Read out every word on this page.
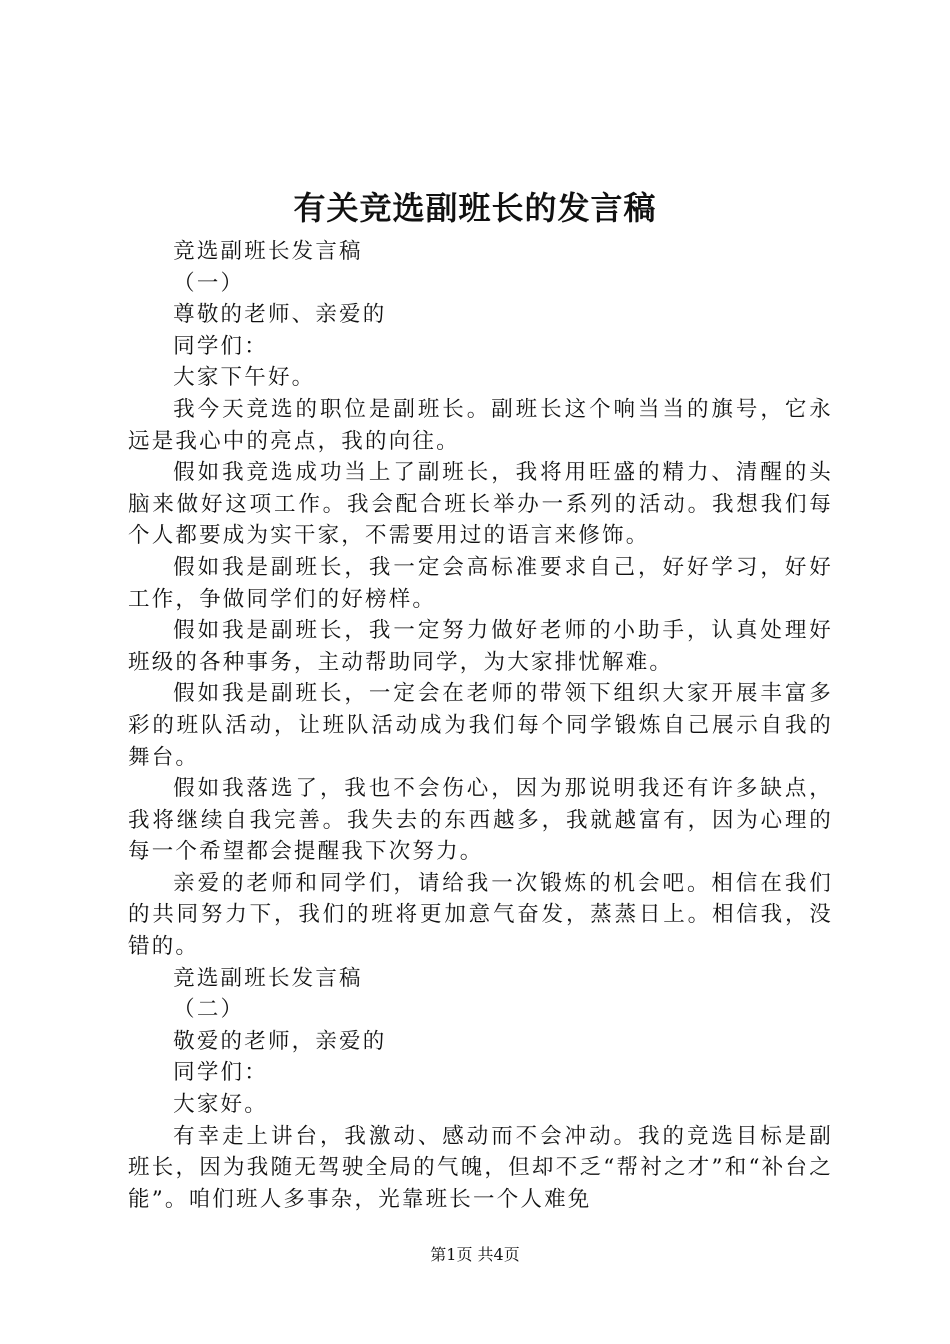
有关竞选副班长的发言稿

竞选副班长发言稿

（一）

尊敬的老师、亲爱的

同学们：

大家下午好。

我今天竞选的职位是副班长。副班长这个响当当的旗号，它永远是我心中的亮点，我的向往。

假如我竞选成功当上了副班长，我将用旺盛的精力、清醒的头脑来做好这项工作。我会配合班长举办一系列的活动。我想我们每个人都要成为实干家，不需要用过的语言来修饰。

假如我是副班长，我一定会高标准要求自己，好好学习，好好工作，争做同学们的好榜样。

假如我是副班长，我一定努力做好老师的小助手，认真处理好班级的各种事务，主动帮助同学，为大家排忧解难。

假如我是副班长，一定会在老师的带领下组织大家开展丰富多彩的班队活动，让班队活动成为我们每个同学锻炼自己展示自我的舞台。

假如我落选了，我也不会伤心，因为那说明我还有许多缺点，我将继续自我完善。我失去的东西越多，我就越富有，因为心理的每一个希望都会提醒我下次努力。

亲爱的老师和同学们，请给我一次锻炼的机会吧。相信在我们的共同努力下，我们的班将更加意气奋发，蒸蒸日上。相信我，没错的。

竞选副班长发言稿

（二）

敬爱的老师，亲爱的

同学们：

大家好。

有幸走上讲台，我激动、感动而不会冲动。我的竞选目标是副班长，因为我随无驾驶全局的气魄，但却不乏“帮衬之才”和“补台之能”。咱们班人多事杂，光靠班长一个人难免

第1页 共4页
